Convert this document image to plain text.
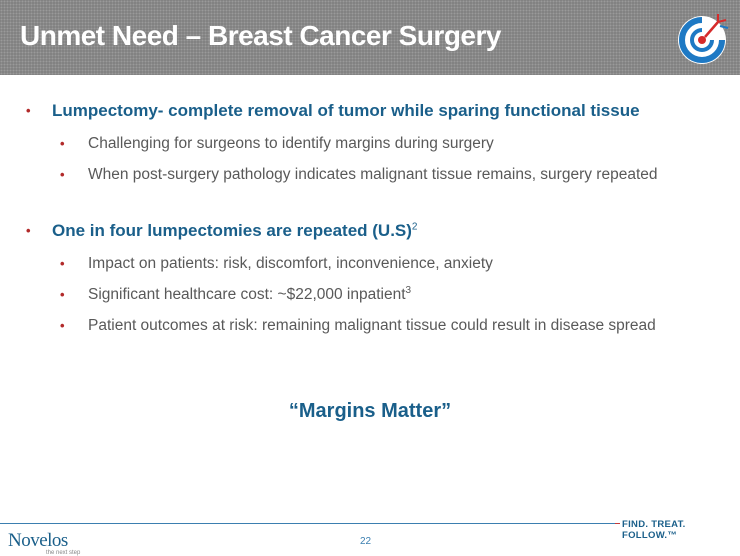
Unmet Need – Breast Cancer Surgery
• Lumpectomy- complete removal of tumor while sparing functional tissue
• Challenging for surgeons to identify margins during surgery
• When post-surgery pathology indicates malignant tissue remains, surgery repeated
• One in four lumpectomies are repeated $(U.S)^2$
• Impact on patients: risk, discomfort, inconvenience, anxiety
• Significant healthcare cost: ~$22,000 inpatient$^3$
• Patient outcomes at risk: remaining malignant tissue could result in disease spread
“Margins Matter”
FIND. TREAT. FOLLOW.™
22
Novelos
the next step
